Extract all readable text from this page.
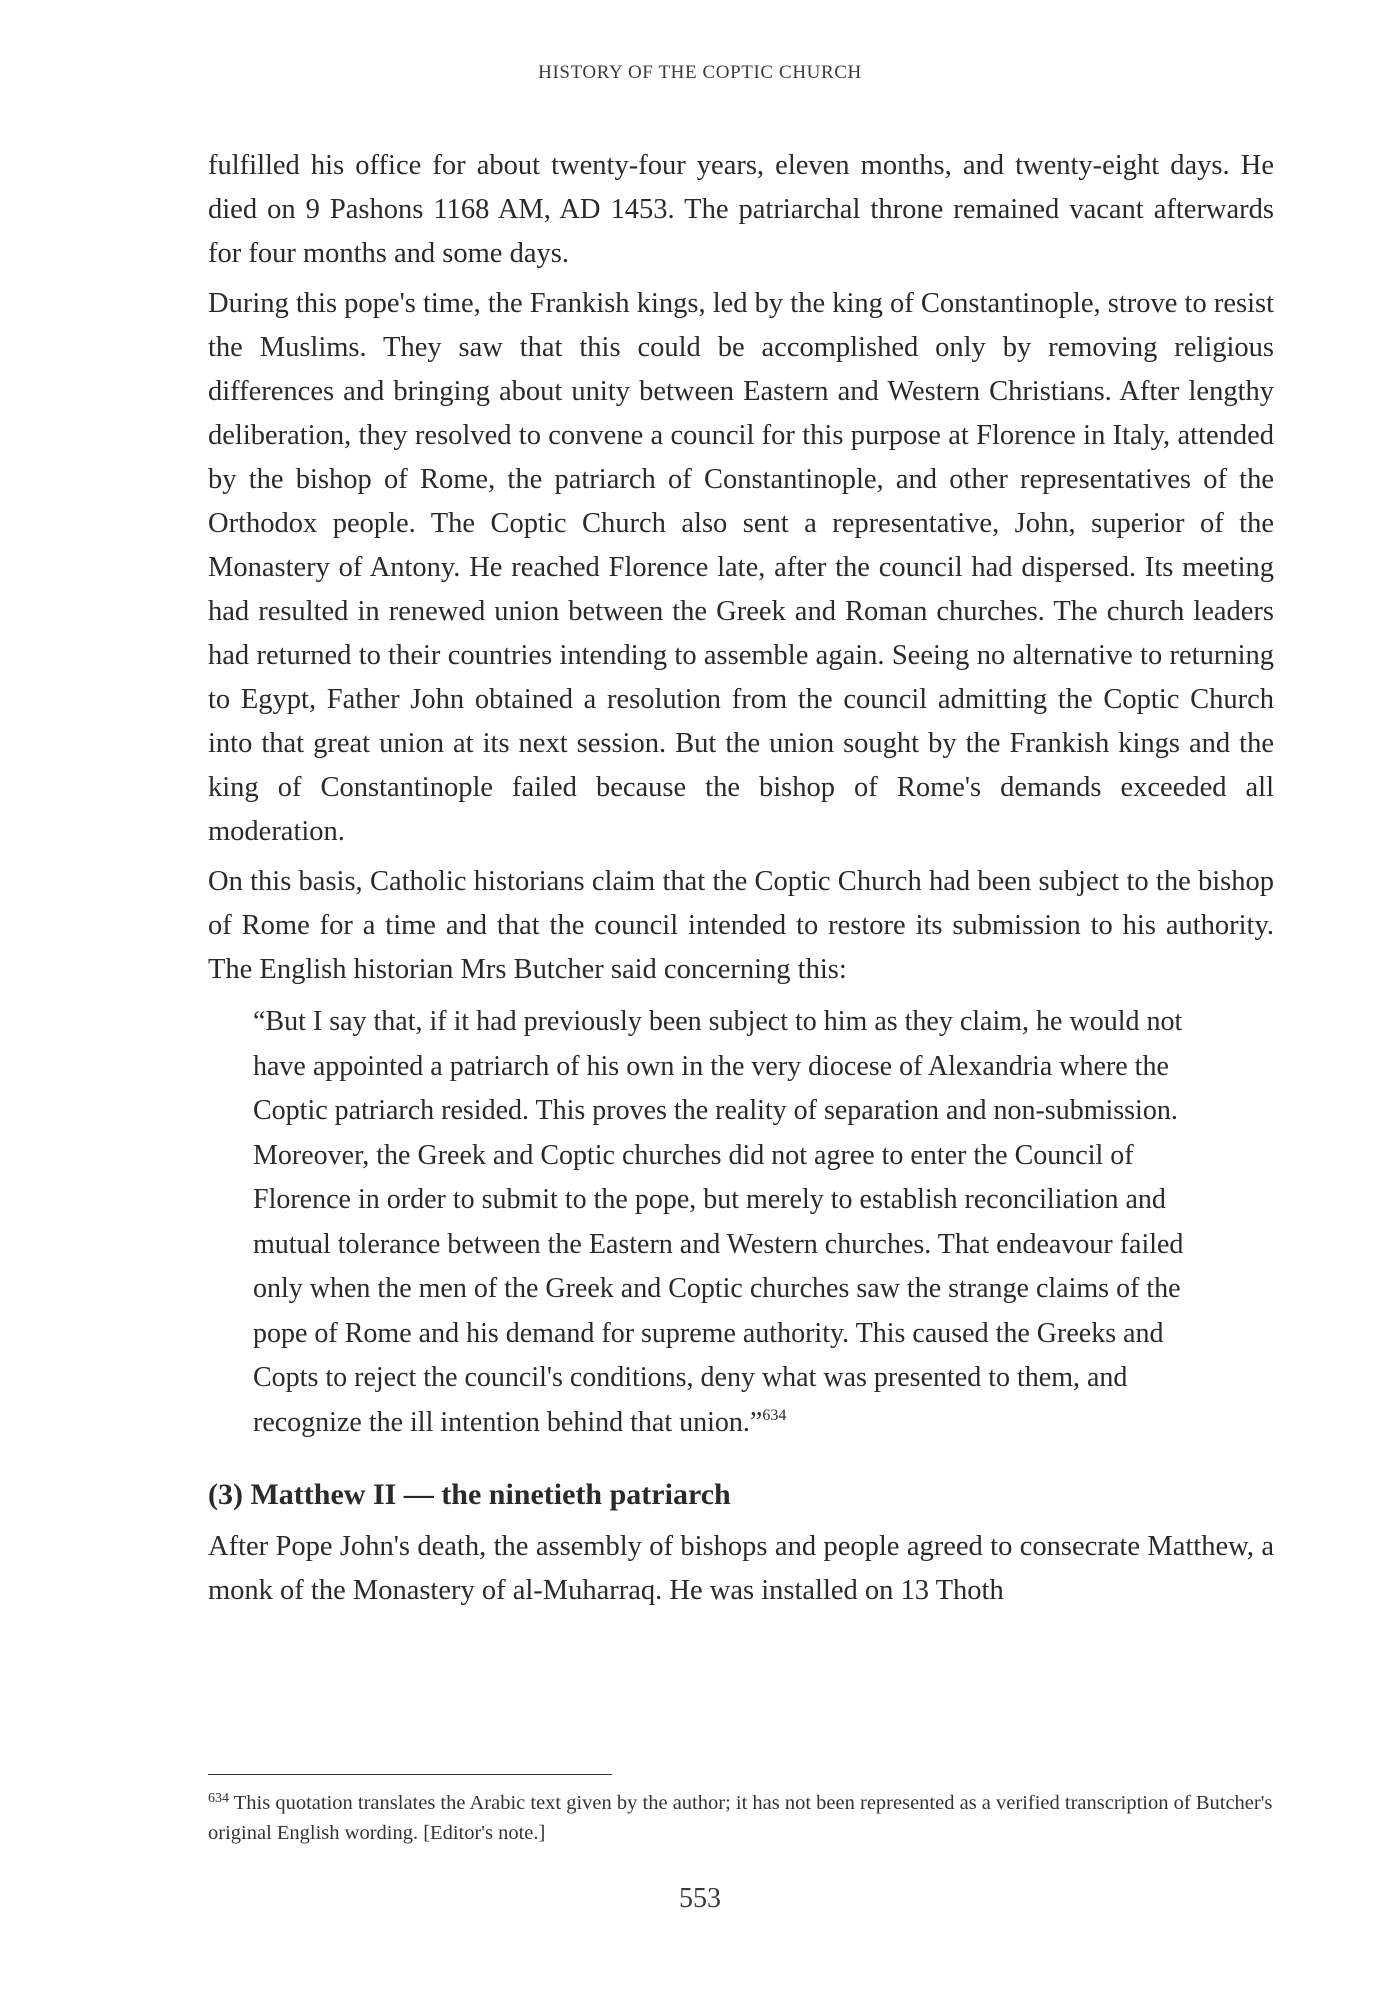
HISTORY OF THE COPTIC CHURCH

fulfilled his office for about twenty-four years, eleven months, and twenty-eight days. He died on 9 Pashons 1168 AM, AD 1453. The patriarchal throne remained vacant afterwards for four months and some days.

During this pope's time, the Frankish kings, led by the king of Constantinople, strove to resist the Muslims. They saw that this could be accomplished only by removing religious differences and bringing about unity between Eastern and Western Christians. After lengthy deliberation, they resolved to convene a council for this purpose at Florence in Italy, attended by the bishop of Rome, the patriarch of Constantinople, and other representatives of the Orthodox people. The Coptic Church also sent a representative, John, superior of the Monastery of Antony. He reached Florence late, after the council had dispersed. Its meeting had resulted in renewed union between the Greek and Roman churches. The church leaders had returned to their countries intending to assemble again. Seeing no alternative to returning to Egypt, Father John obtained a resolution from the council admitting the Coptic Church into that great union at its next session. But the union sought by the Frankish kings and the king of Constantinople failed because the bishop of Rome's demands exceeded all moderation.

On this basis, Catholic historians claim that the Coptic Church had been subject to the bishop of Rome for a time and that the council intended to restore its submission to his authority. The English historian Mrs Butcher said concerning this:

“But I say that, if it had previously been subject to him as they claim, he would not have appointed a patriarch of his own in the very diocese of Alexandria where the Coptic patriarch resided. This proves the reality of separation and non-submission. Moreover, the Greek and Coptic churches did not agree to enter the Council of Florence in order to submit to the pope, but merely to establish reconciliation and mutual tolerance between the Eastern and Western churches. That endeavour failed only when the men of the Greek and Coptic churches saw the strange claims of the pope of Rome and his demand for supreme authority. This caused the Greeks and Copts to reject the council's conditions, deny what was presented to them, and recognize the ill intention behind that union.”$^{634}$

(3) Matthew II — the ninetieth patriarch

After Pope John's death, the assembly of bishops and people agreed to consecrate Matthew, a monk of the Monastery of al-Muharraq. He was installed on 13 Thoth

$^{634}$ This quotation translates the Arabic text given by the author; it has not been represented as a verified transcription of Butcher's original English wording. [Editor's note.]
553
